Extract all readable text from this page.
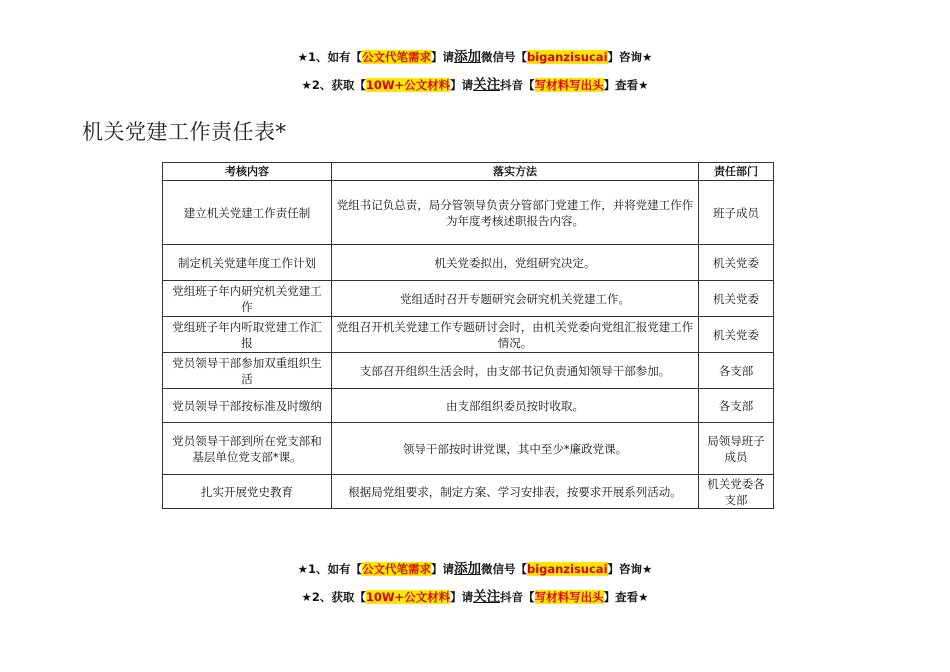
★1、如有【公文代笔需求】请添加微信号【biganzisucai】咨询★
★2、获取【10W+公文材料】请关注抖音【写材料写出头】查看★
机关党建工作责任表*
考核内容	落实方法	责任部门
建立机关党建工作责任制	党组书记负总责，局分管领导负责分管部门党建工作，并将党建工作作为年度考核述职报告内容。	班子成员
制定机关党建年度工作计划	机关党委拟出，党组研究决定。	机关党委
党组班子年内研究机关党建工作	党组适时召开专题研究会研究机关党建工作。	机关党委
党组班子年内听取党建工作汇报	党组召开机关党建工作专题研讨会时，由机关党委向党组汇报党建工作情况。	机关党委
党员领导干部参加双重组织生活	支部召开组织生活会时，由支部书记负责通知领导干部参加。	各支部
党员领导干部按标准及时缴纳	由支部组织委员按时收取。	各支部
党员领导干部到所在党支部和基层单位党支部*课。	领导干部按时讲党课，其中至少*廉政党课。	局领导班子成员
扎实开展党史教育	根据局党组要求，制定方案、学习安排表，按要求开展系列活动。	机关党委各支部
★1、如有【公文代笔需求】请添加微信号【biganzisucai】咨询★
★2、获取【10W+公文材料】请关注抖音【写材料写出头】查看★
